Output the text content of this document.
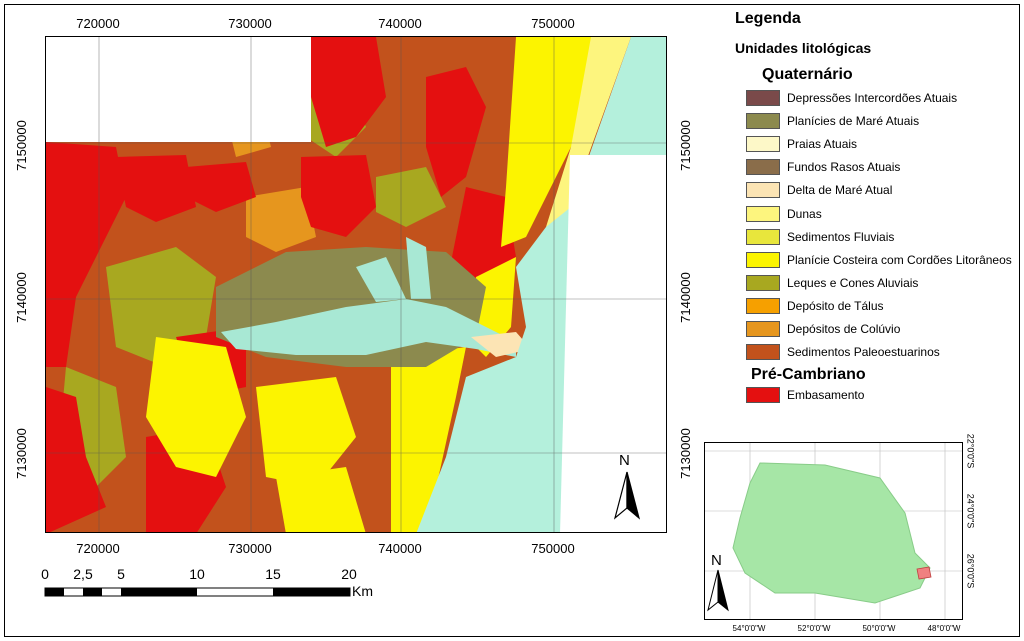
720000	730000	740000	750000
720000	730000	740000	750000
7150000
7140000
7130000
7150000
7140000
7130000
N
0 2,5 5	10	15	20
Km
Legenda
Unidades litológicas
Quaternário
Depressões Intercordões Atuais
Planícies de Maré Atuais
Praias Atuais
Fundos Rasos Atuais
Delta de Maré Atual
Dunas
Sedimentos Fluviais
Planície Costeira com Cordões Litorâneos
Leques e Cones Aluviais
Depósito de Tálus
Depósitos de Colúvio
Sedimentos Paleoestuarinos
Pré-Cambriano
Embasamento
N
54°0'0"W	52°0'0"W	50°0'0"W	48°0'0"W
22°0'0"S
24°0'0"S
26°0'0"S
